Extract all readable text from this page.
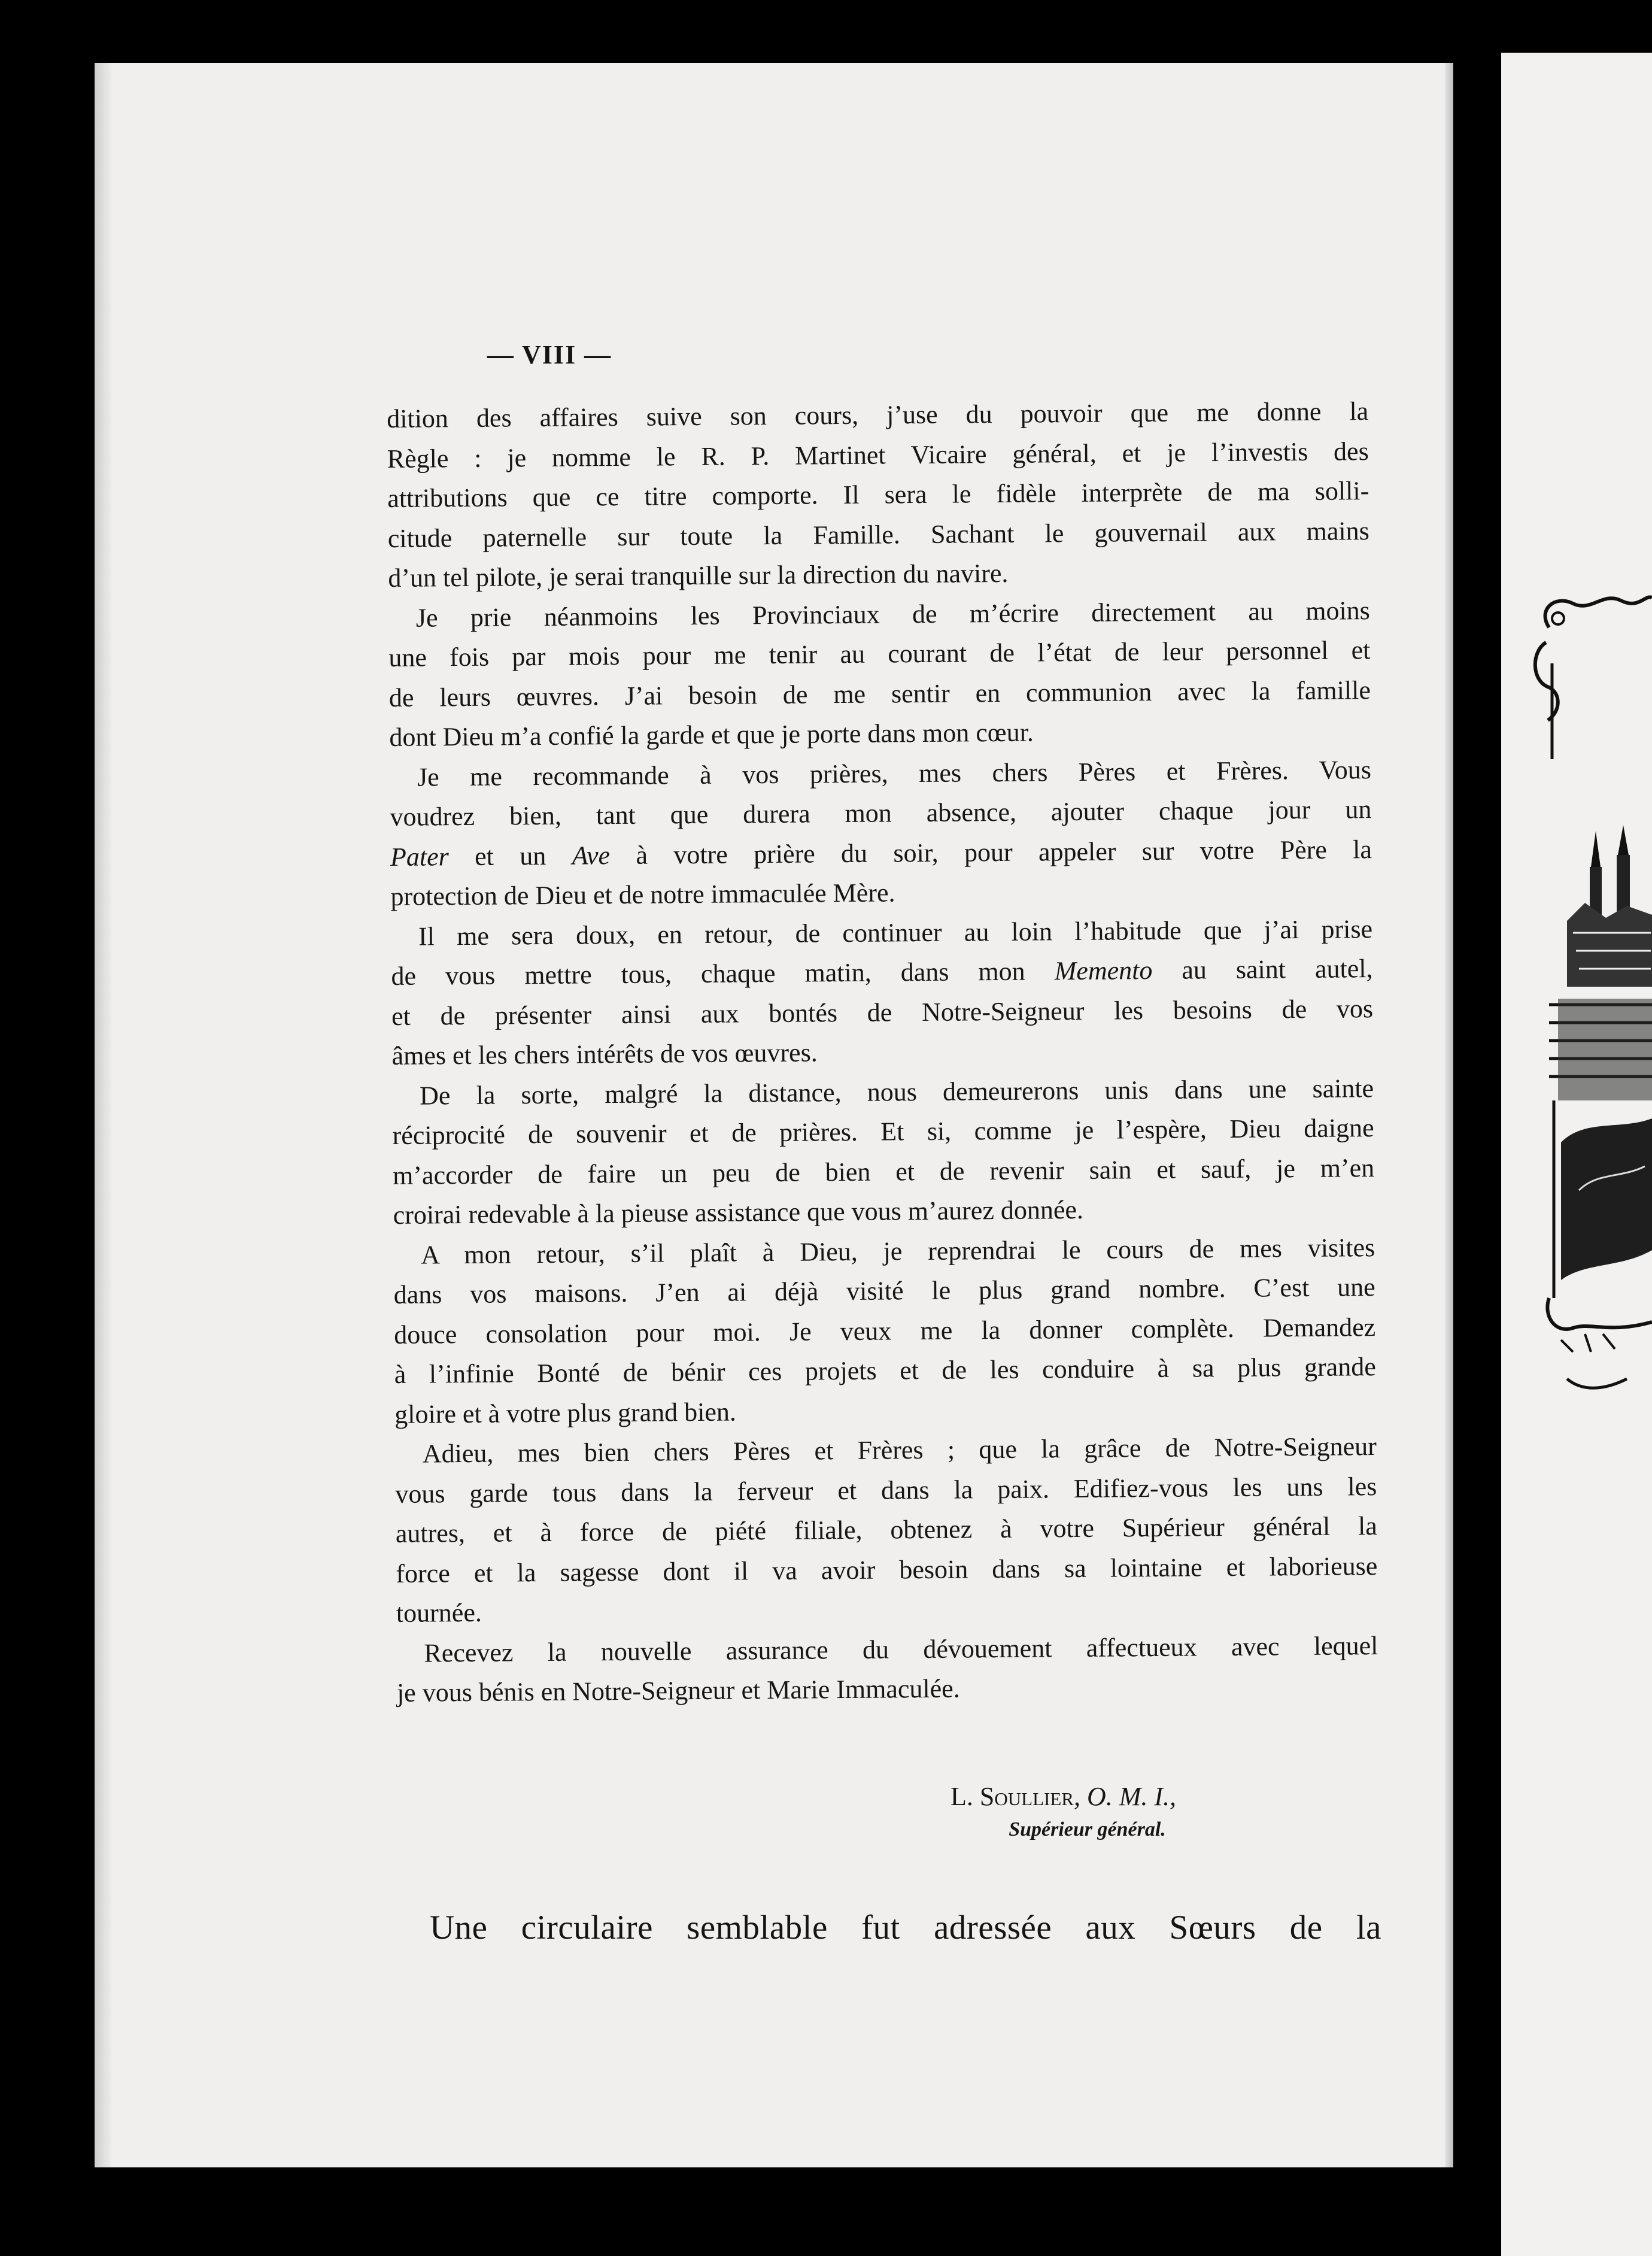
— VIII —
dition des affaires suive son cours, j’use du pouvoir que me donne la
Règle : je nomme le R. P. Martinet Vicaire général, et je l’investis des
attributions que ce titre comporte. Il sera le fidèle interprète de ma solli-
citude paternelle sur toute la Famille. Sachant le gouvernail aux mains
d’un tel pilote, je serai tranquille sur la direction du navire.
Je prie néanmoins les Provinciaux de m’écrire directement au moins
une fois par mois pour me tenir au courant de l’état de leur personnel et
de leurs œuvres. J’ai besoin de me sentir en communion avec la famille
dont Dieu m’a confié la garde et que je porte dans mon cœur.
Je me recommande à vos prières, mes chers Pères et Frères. Vous
voudrez bien, tant que durera mon absence, ajouter chaque jour un
Pater et un Ave à votre prière du soir, pour appeler sur votre Père la
protection de Dieu et de notre immaculée Mère.
Il me sera doux, en retour, de continuer au loin l’habitude que j’ai prise
de vous mettre tous, chaque matin, dans mon Memento au saint autel,
et de présenter ainsi aux bontés de Notre-Seigneur les besoins de vos
âmes et les chers intérêts de vos œuvres.
De la sorte, malgré la distance, nous demeurerons unis dans une sainte
réciprocité de souvenir et de prières. Et si, comme je l’espère, Dieu daigne
m’accorder de faire un peu de bien et de revenir sain et sauf, je m’en
croirai redevable à la pieuse assistance que vous m’aurez donnée.
A mon retour, s’il plaît à Dieu, je reprendrai le cours de mes visites
dans vos maisons. J’en ai déjà visité le plus grand nombre. C’est une
douce consolation pour moi. Je veux me la donner complète. Demandez
à l’infinie Bonté de bénir ces projets et de les conduire à sa plus grande
gloire et à votre plus grand bien.
Adieu, mes bien chers Pères et Frères ; que la grâce de Notre-Seigneur
vous garde tous dans la ferveur et dans la paix. Edifiez-vous les uns les
autres, et à force de piété filiale, obtenez à votre Supérieur général la
force et la sagesse dont il va avoir besoin dans sa lointaine et laborieuse
tournée.
Recevez la nouvelle assurance du dévouement affectueux avec lequel
je vous bénis en Notre-Seigneur et Marie Immaculée.
L. Soullier, O. M. I.,
Supérieur général.
Une circulaire semblable fut adressée aux Sœurs de la
